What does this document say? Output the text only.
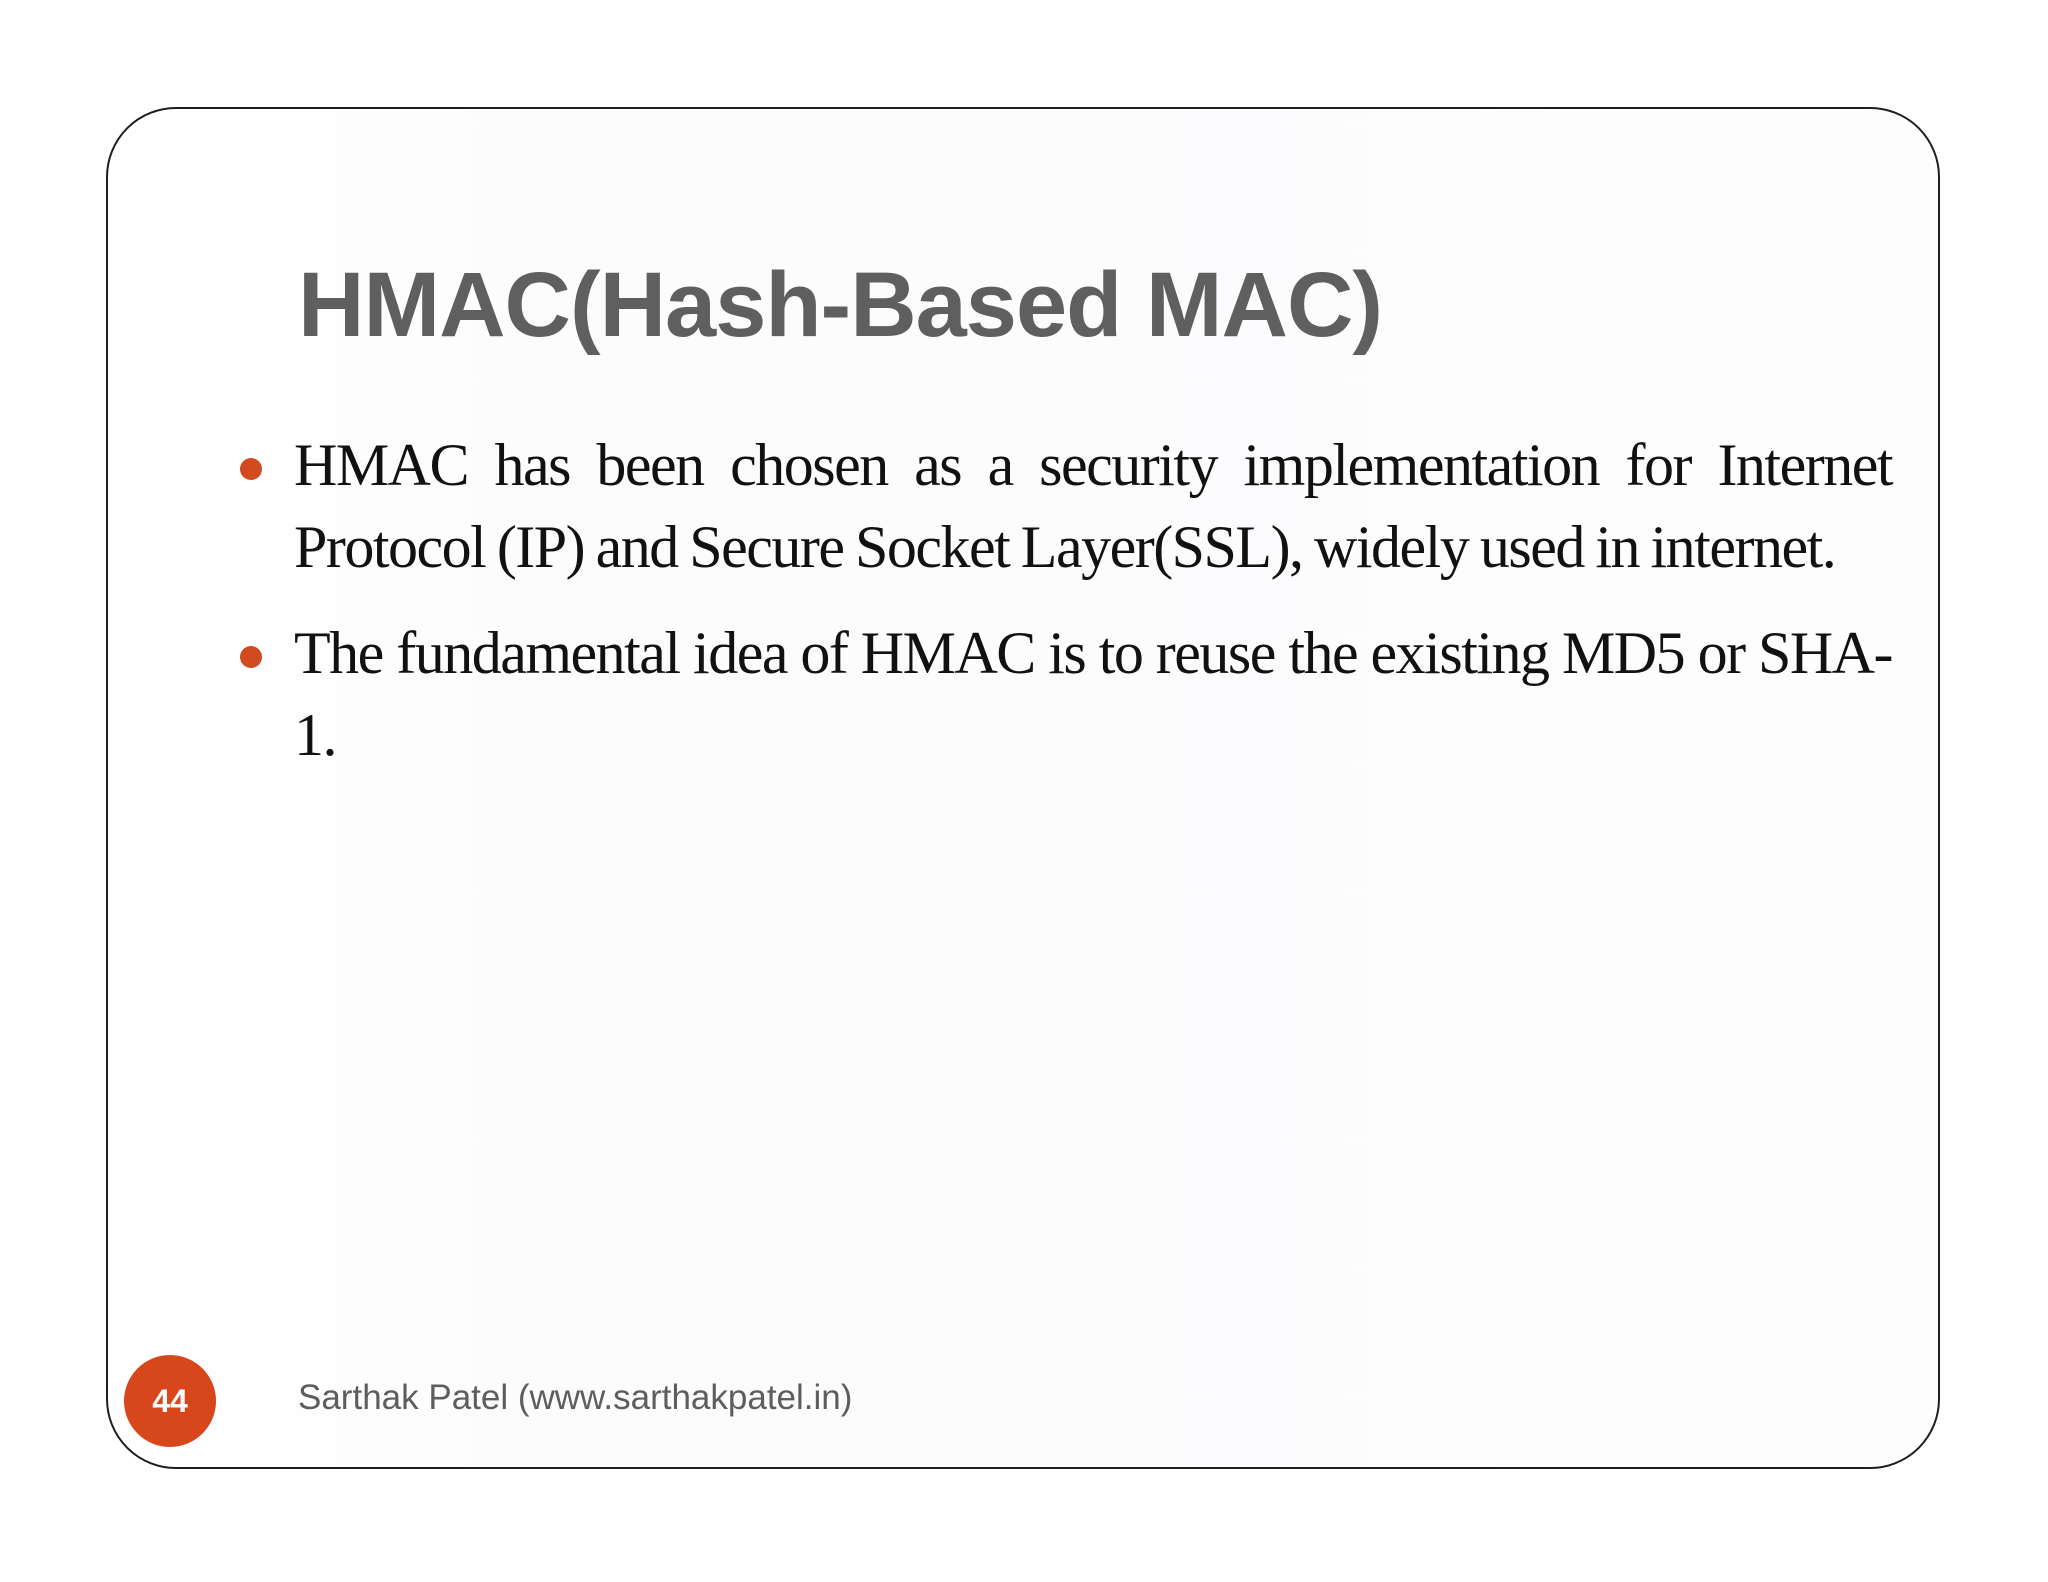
HMAC(Hash-Based MAC)
HMAC has been chosen as a security implementation for Internet Protocol (IP) and Secure Socket Layer(SSL), widely used in internet.
The fundamental idea of HMAC is to reuse the existing MD5 or SHA-1.
44	Sarthak Patel (www.sarthakpatel.in)
